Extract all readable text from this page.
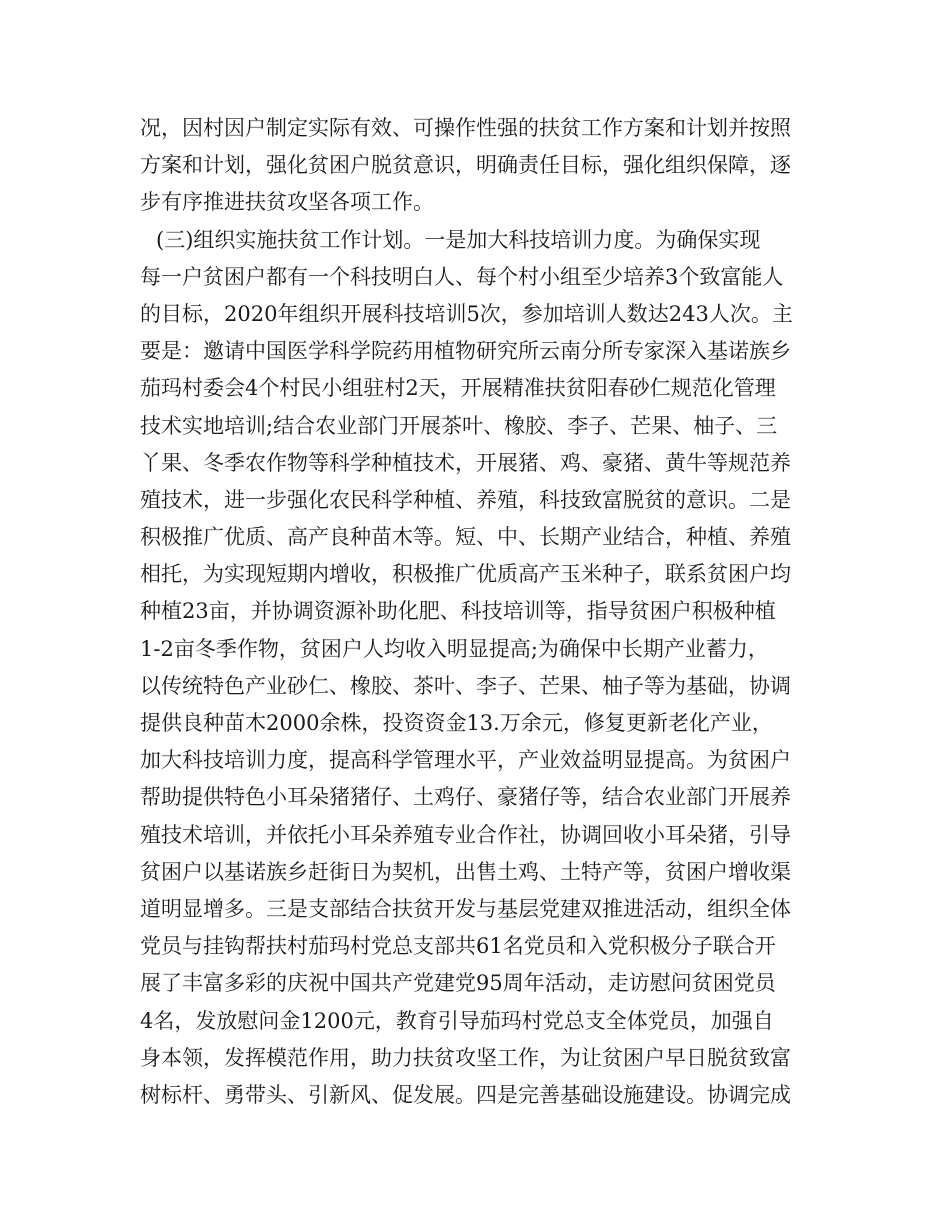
况，因村因户制定实际有效、可操作性强的扶贫工作方案和计划并按照
方案和计划，强化贫困户脱贫意识，明确责任目标，强化组织保障，逐
步有序推进扶贫攻坚各项工作。
(三)组织实施扶贫工作计划。一是加大科技培训力度。为确保实现
每一户贫困户都有一个科技明白人、每个村小组至少培养3个致富能人
的目标，2020年组织开展科技培训5次，参加培训人数达243人次。主
要是：邀请中国医学科学院药用植物研究所云南分所专家深入基诺族乡
茄玛村委会4个村民小组驻村2天，开展精准扶贫阳春砂仁规范化管理
技术实地培训;结合农业部门开展茶叶、橡胶、李子、芒果、柚子、三
丫果、冬季农作物等科学种植技术，开展猪、鸡、豪猪、黄牛等规范养
殖技术，进一步强化农民科学种植、养殖，科技致富脱贫的意识。二是
积极推广优质、高产良种苗木等。短、中、长期产业结合，种植、养殖
相托，为实现短期内增收，积极推广优质高产玉米种子，联系贫困户均
种植23亩，并协调资源补助化肥、科技培训等，指导贫困户积极种植
1-2亩冬季作物，贫困户人均收入明显提高;为确保中长期产业蓄力，
以传统特色产业砂仁、橡胶、茶叶、李子、芒果、柚子等为基础，协调
提供良种苗木2000余株，投资资金13.万余元，修复更新老化产业，
加大科技培训力度，提高科学管理水平，产业效益明显提高。为贫困户
帮助提供特色小耳朵猪猪仔、土鸡仔、豪猪仔等，结合农业部门开展养
殖技术培训，并依托小耳朵养殖专业合作社，协调回收小耳朵猪，引导
贫困户以基诺族乡赶街日为契机，出售土鸡、土特产等，贫困户增收渠
道明显增多。三是支部结合扶贫开发与基层党建双推进活动，组织全体
党员与挂钩帮扶村茄玛村党总支部共61名党员和入党积极分子联合开
展了丰富多彩的庆祝中国共产党建党95周年活动，走访慰问贫困党员
4名，发放慰问金1200元，教育引导茄玛村党总支全体党员，加强自
身本领，发挥模范作用，助力扶贫攻坚工作，为让贫困户早日脱贫致富
树标杆、勇带头、引新风、促发展。四是完善基础设施建设。协调完成
